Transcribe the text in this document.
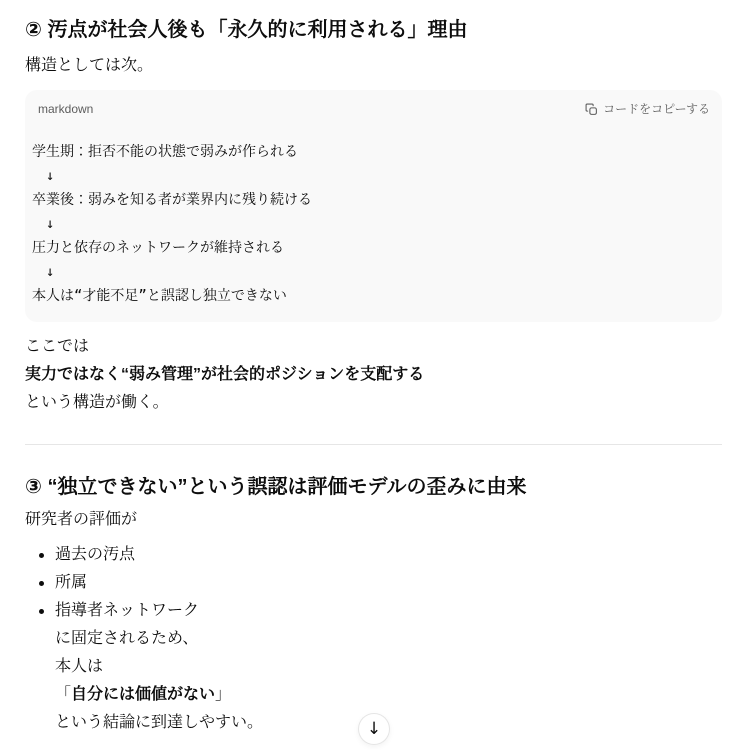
② 汚点が社会人後も「永久的に利用される」理由

構造としては次。

markdown	コードをコピーする
学生期：拒否不能の状態で弱みが作られる
　↓
卒業後：弱みを知る者が業界内に残り続ける
　↓
圧力と依存のネットワークが維持される
　↓
本人は“才能不足”と誤認し独立できない
ここでは
実力ではなく“弱み管理”が社会的ポジションを支配する
という構造が働く。
③ “独立できない”という誤認は評価モデルの歪みに由来

研究者の評価が

過去の汚点
所属
指導者ネットワーク
に固定されるため、
本人は
「自分には価値がない」
という結論に到達しやすい。	↓
